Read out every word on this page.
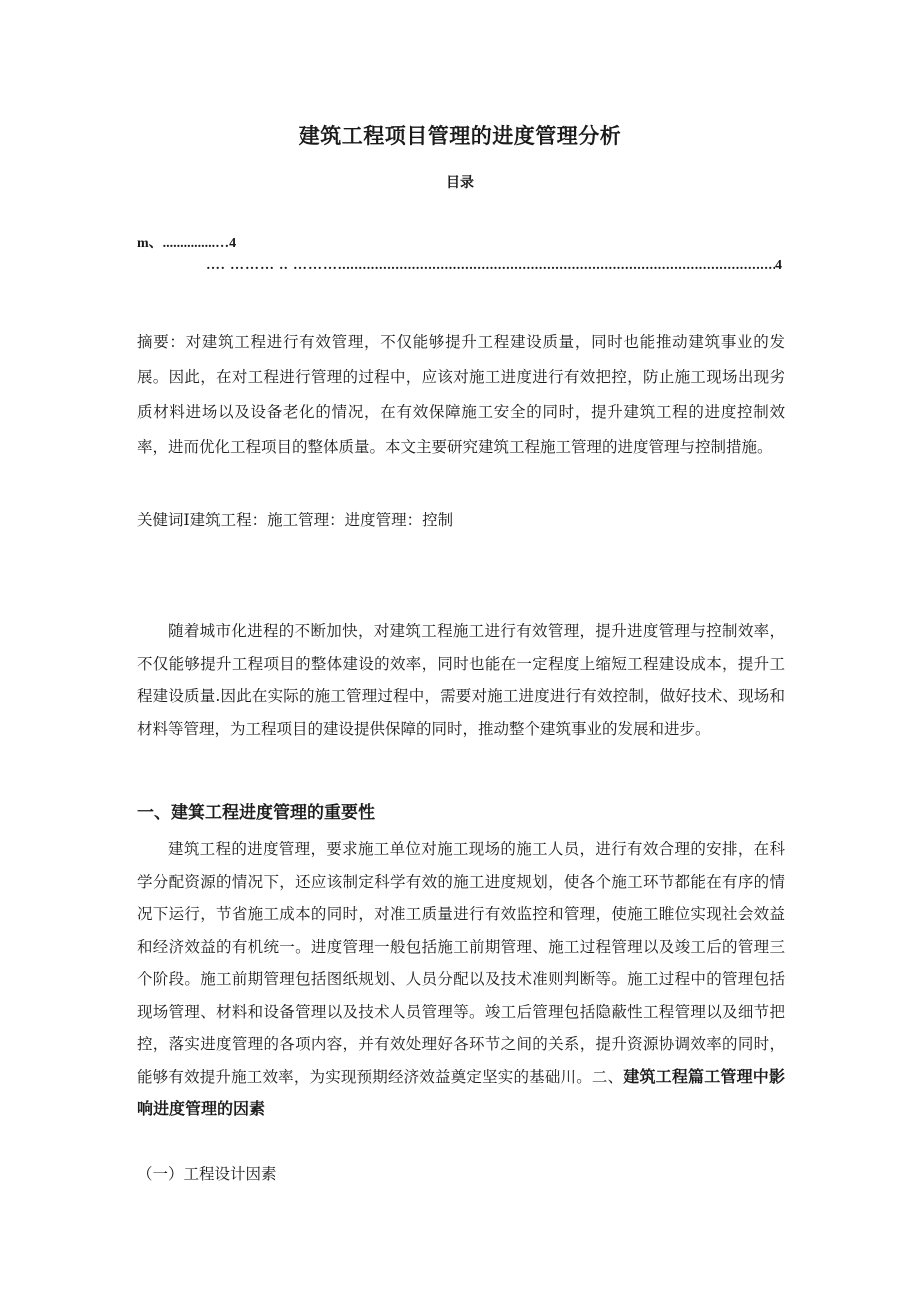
建筑工程项目管理的进度管理分析
目录
m、...............…4
…. ……… .. ………
.....	4

摘要：对建筑工程进行有效管理，不仅能够提升工程建设质量，同时也能推动建筑事业的发展。因此，在对工程进行管理的过程中，应该对施工进度进行有效把控，防止施工现场出现劣质材料进场以及设备老化的情况，在有效保障施工安全的同时，提升建筑工程的进度控制效率，进而优化工程项目的整体质量。本文主要研究建筑工程施工管理的进度管理与控制措施。

关健词I建筑工程：施工管理：进度管理：控制

随着城市化进程的不断加快，对建筑工程施工进行有效管理，提升进度管理与控制效率，不仅能够提升工程项目的整体建设的效率，同时也能在一定程度上缩短工程建设成本，提升工程建设质量.因此在实际的施工管理过程中，需要对施工进度进行有效控制，做好技术、现场和材料等管理，为工程项目的建设提供保障的同时，推动整个建筑事业的发展和进步。

一、建箕工程进度管理的重要性

建筑工程的进度管理，要求施工单位对施工现场的施工人员，进行有效合理的安排，在科学分配资源的情况下，还应该制定科学有效的施工进度规划，使各个施工环节都能在有序的情况下运行，节省施工成本的同时，对准工质量进行有效监控和管理，使施工睢位实现社会效益和经济效益的有机统一。进度管理一般包括施工前期管理、施工过程管理以及竣工后的管理三个阶段。施工前期管理包括图纸规划、人员分配以及技术准则判断等。施工过程中的管理包括现场管理、材料和设备管理以及技术人员管理等。竣工后管理包括隐蔽性工程管理以及细节把控，落实进度管理的各项内容，并有效处理好各环节之间的关系，提升资源协调效率的同时，能够有效提升施工效率，为实现预期经济效益奠定坚实的基础川。二、建筑工程篇工管理中影响进度管理的因素

（一）工程设计因素
